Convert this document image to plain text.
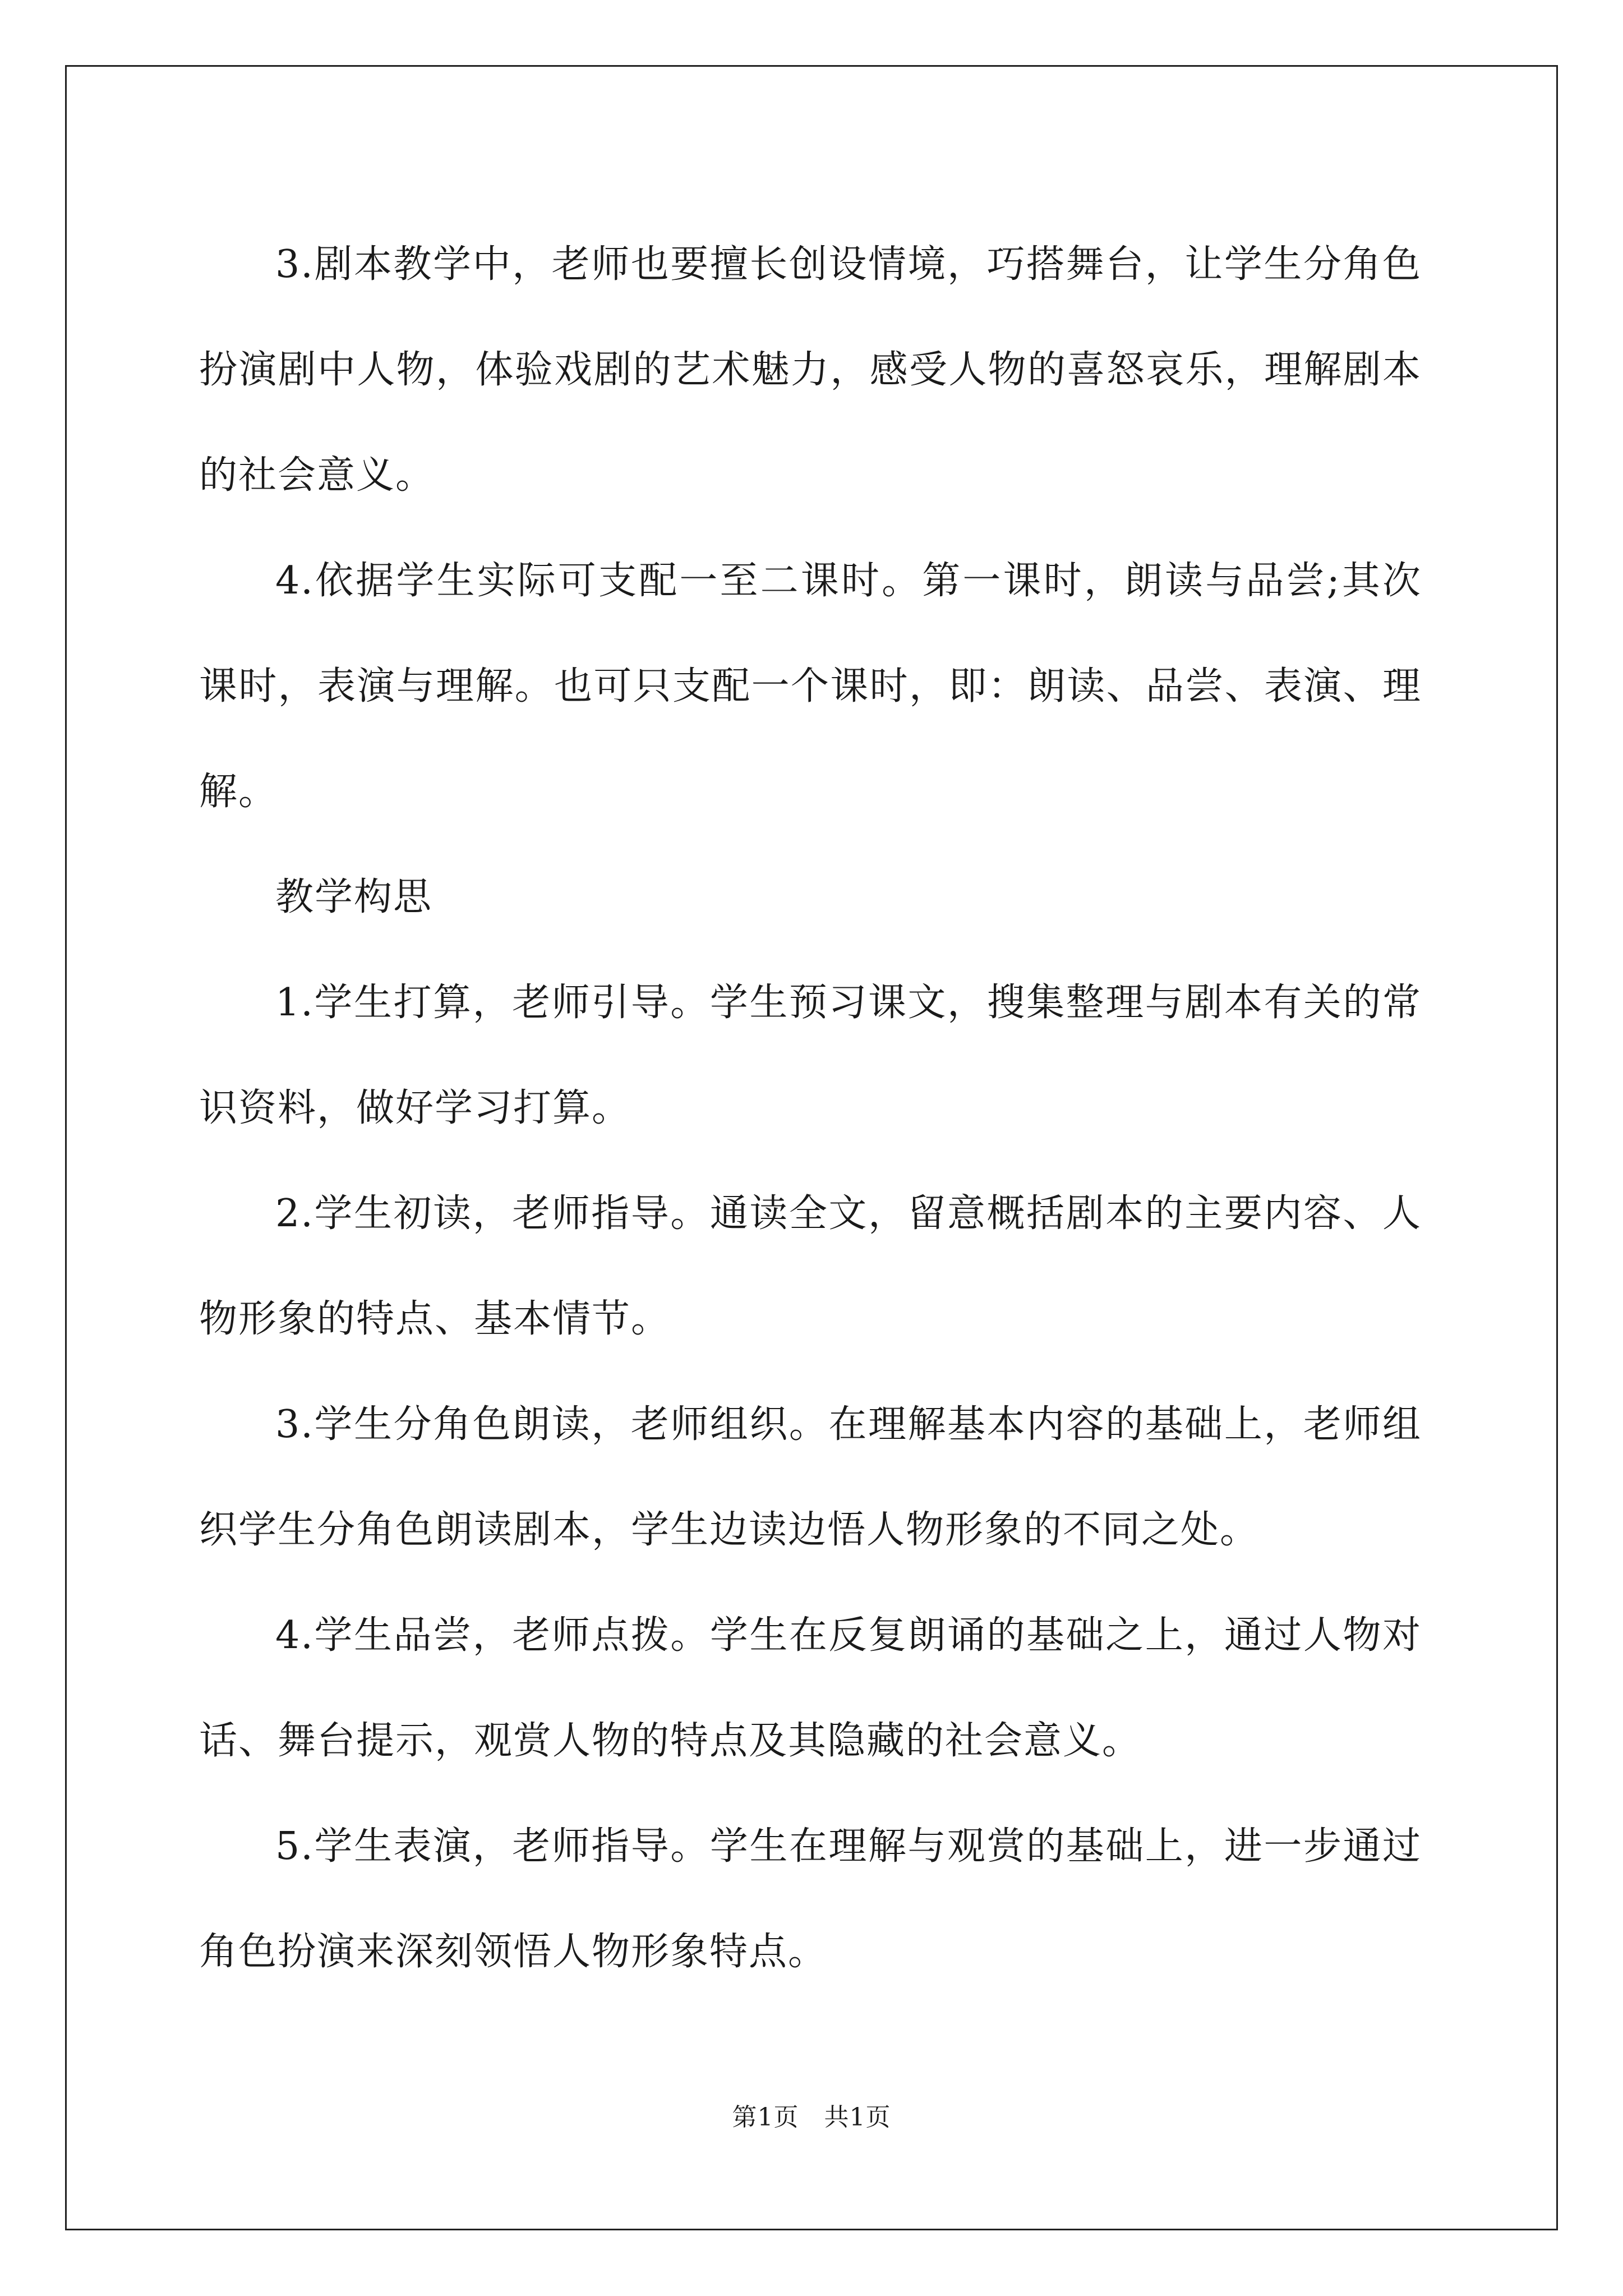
3.剧本教学中，老师也要擅长创设情境，巧搭舞台，让学生分角色扮演剧中人物，体验戏剧的艺术魅力，感受人物的喜怒哀乐，理解剧本的社会意义。

4.依据学生实际可支配一至二课时。第一课时，朗读与品尝;其次课时，表演与理解。也可只支配一个课时，即：朗读、品尝、表演、理解。

教学构思

1.学生打算，老师引导。学生预习课文，搜集整理与剧本有关的常识资料，做好学习打算。

2.学生初读，老师指导。通读全文，留意概括剧本的主要内容、人物形象的特点、基本情节。

3.学生分角色朗读，老师组织。在理解基本内容的基础上，老师组织学生分角色朗读剧本，学生边读边悟人物形象的不同之处。

4.学生品尝，老师点拨。学生在反复朗诵的基础之上，通过人物对话、舞台提示，观赏人物的特点及其隐藏的社会意义。

5.学生表演，老师指导。学生在理解与观赏的基础上，进一步通过角色扮演来深刻领悟人物形象特点。

第1页　共1页
